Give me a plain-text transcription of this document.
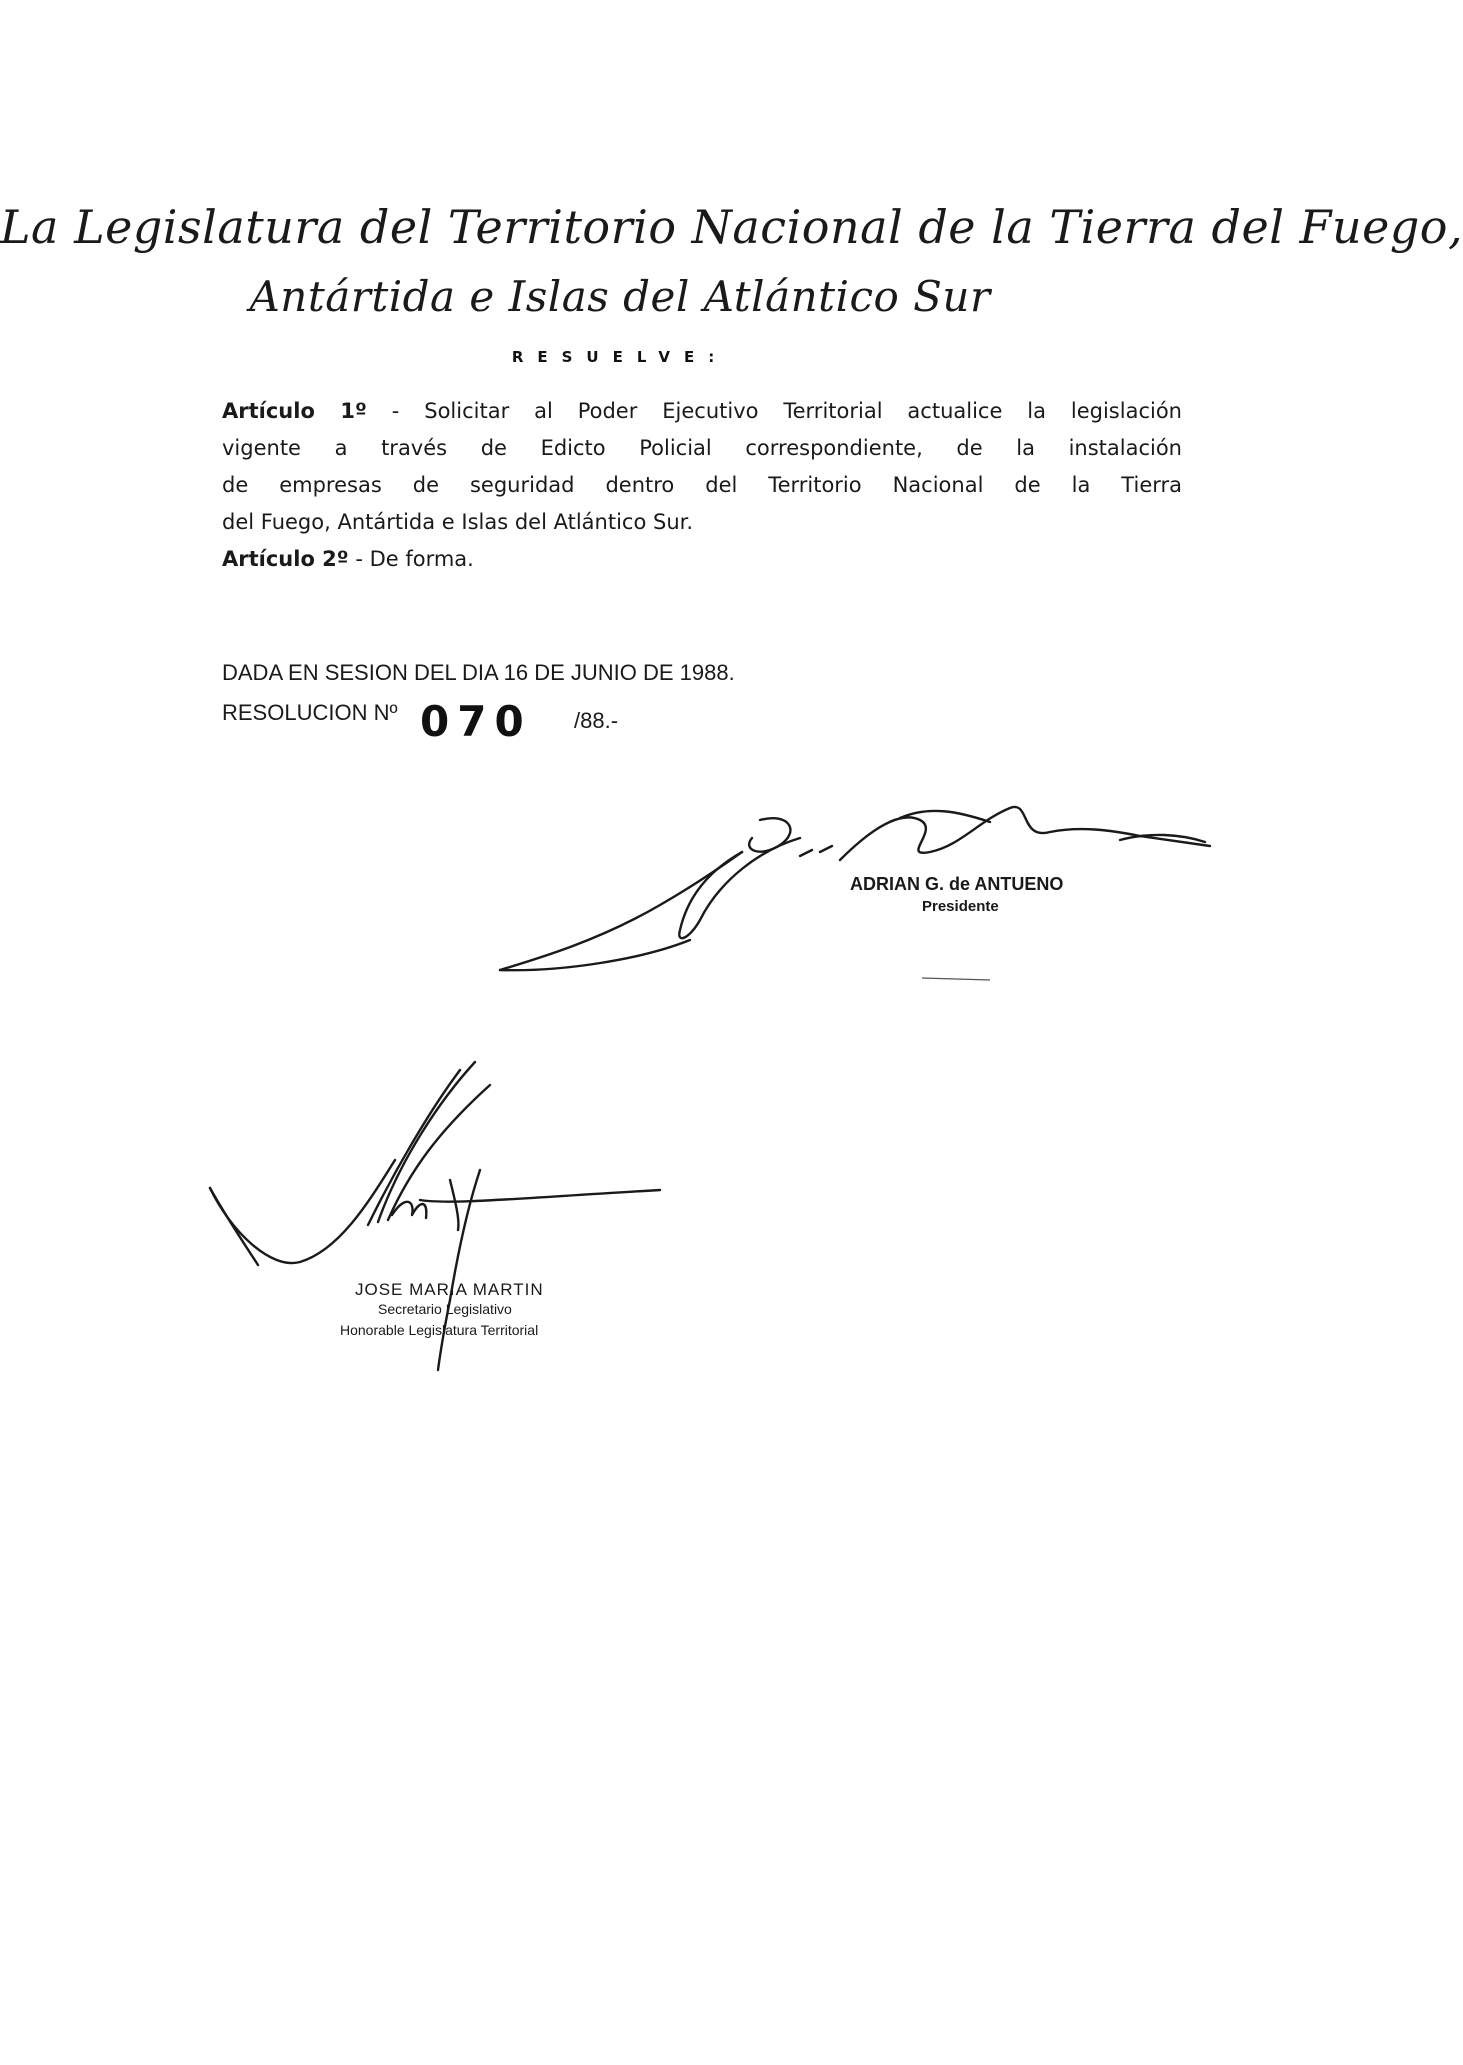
La Legislatura del Territorio Nacional de la Tierra del Fuego,
Antártida e Islas del Atlántico Sur
RESUELVE:
Artículo 1º - Solicitar al Poder Ejecutivo Territorial actualice la legislación
vigente a través de Edicto Policial correspondiente, de la instalación
de empresas de seguridad dentro del Territorio Nacional de la Tierra
del Fuego, Antártida e Islas del Atlántico Sur.
Artículo 2º - De forma.
DADA EN SESION DEL DIA 16 DE JUNIO DE 1988.
RESOLUCION Nº 070 /88.-
ADRIAN G. de ANTUENO
Presidente
JOSE MARIA MARTIN
Secretario Legislativo
Honorable Legislatura Territorial
